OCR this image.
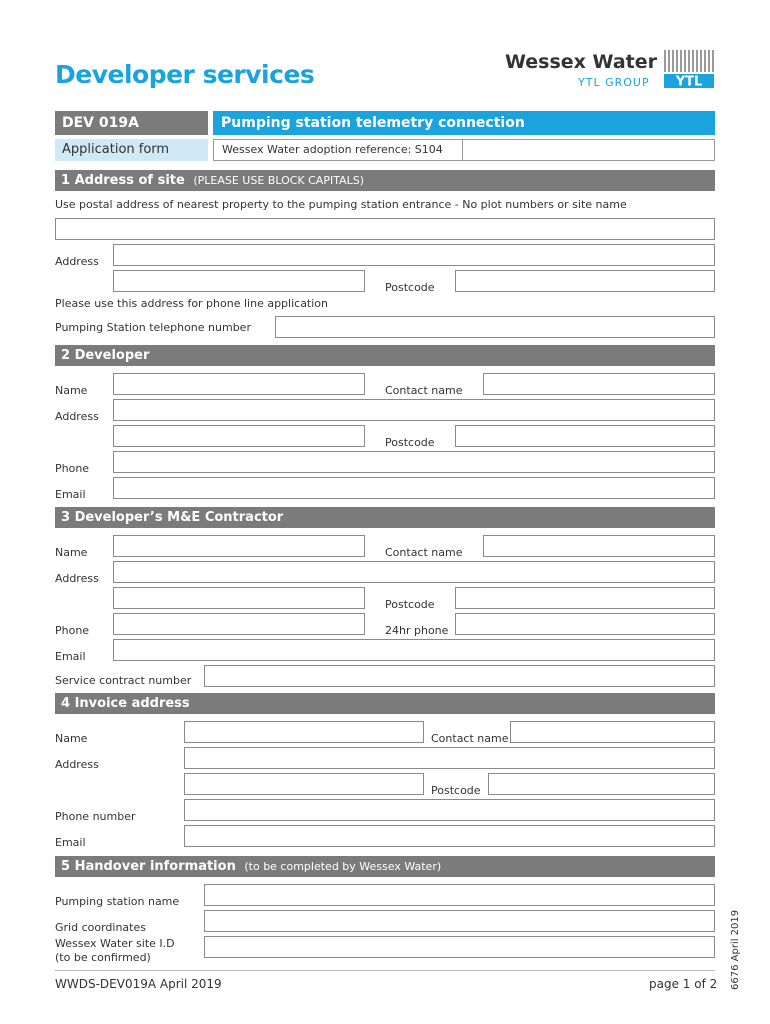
Developer services	Wessex Water
YTL GROUP YTL
DEV 019A
Application form
Pumping station telemetry connection
Wessex Water adoption reference: S104
1 Address of site (PLEASE USE BLOCK CAPITALS)
Use postal address of nearest property to the pumping station entrance - No plot numbers or site name
Address
Postcode
Please use this address for phone line application
Pumping Station telephone number
2 Developer
Name	Contact name
Address
Postcode
Phone
Email
3 Developer’s M&E Contractor
Name	Contact name
Address
Postcode
Phone	24hr phone
Email
Service contract number
4 Invoice address
Name	Contact name
Address
Postcode
Phone number
Email
5 Handover information (to be completed by Wessex Water)
Pumping station name
Grid coordinates
Wessex Water site I.D
(to be confirmed)
WWDS-DEV019A April 2019	page 1 of 2 6676 April 2019
